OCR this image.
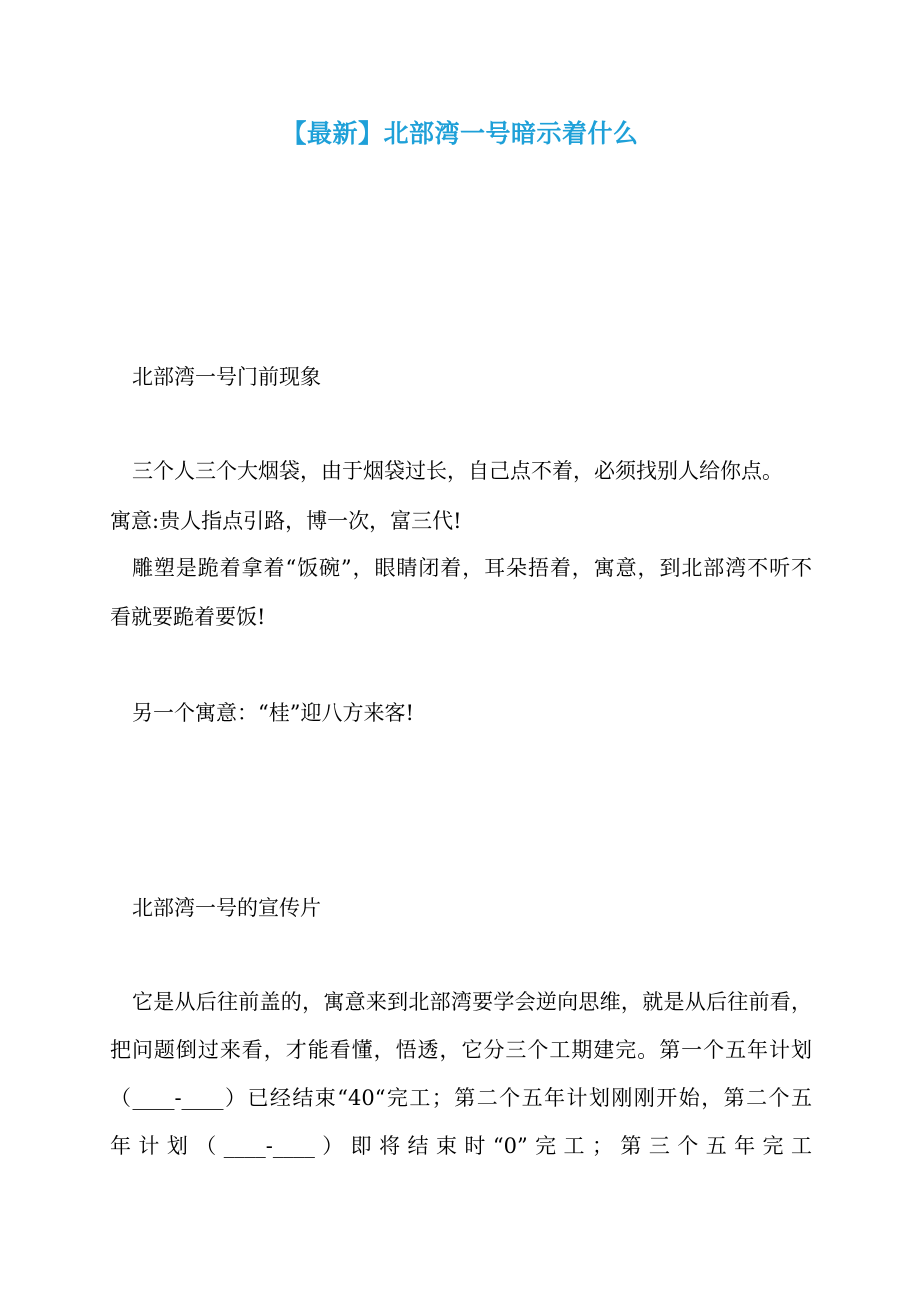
【最新】北部湾一号暗示着什么
北部湾一号门前现象
三个人三个大烟袋，由于烟袋过长，自己点不着，必须找别人给你点。
寓意:贵人指点引路，博一次，富三代!
雕塑是跪着拿着“饭碗”，眼睛闭着，耳朵捂着，寓意，到北部湾不听不
看就要跪着要饭!
另一个寓意：“桂”迎八方来客!
北部湾一号的宣传片
它是从后往前盖的，寓意来到北部湾要学会逆向思维，就是从后往前看，
把问题倒过来看，才能看懂，悟透，它分三个工期建完。第一个五年计划
（____-____）已经结束“40“完工；第二个五年计划刚刚开始，第二个五
年计划（____-____）即将结束时“0”完工；第三个五年完工
